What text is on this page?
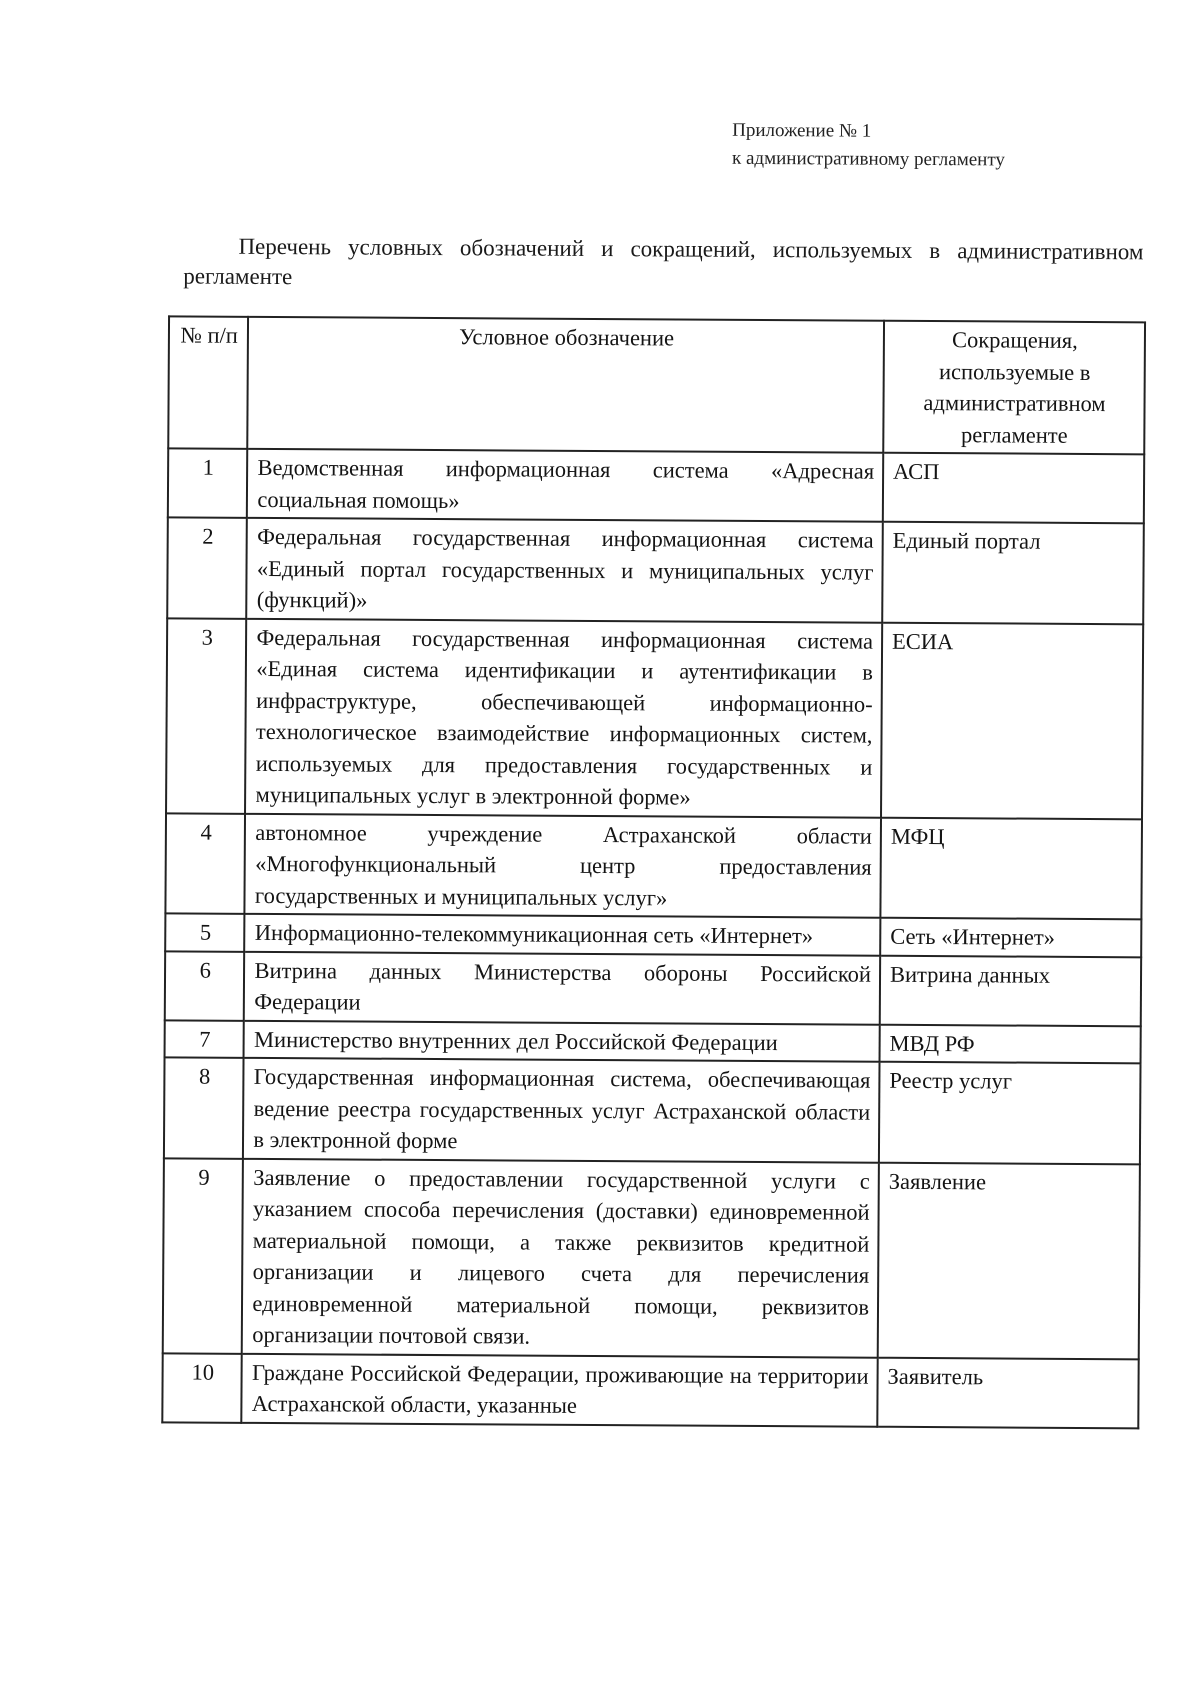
Приложение № 1
к административному регламенту
Перечень условных обозначений и сокращений, используемых в административном регламенте
№ п/п	Условное обозначение	Сокращения, используемые в административном регламенте
1	Ведомственная информационная система «Адресная социальная помощь»	АСП
2	Федеральная государственная информационная система «Единый портал государственных и муниципальных услуг (функций)»	Единый портал
3	Федеральная государственная информационная система «Единая система идентификации и аутентификации в инфраструктуре, обеспечивающей информационно-технологическое взаимодействие информационных систем, используемых для предоставления государственных и муниципальных услуг в электронной форме»	ЕСИА
4	автономное учреждение Астраханской области «Многофункциональный центр предоставления государственных и муниципальных услуг»	МФЦ
5	Информационно-телекоммуникационная сеть «Интернет»	Сеть «Интернет»
6	Витрина данных Министерства обороны Российской Федерации	Витрина данных
7	Министерство внутренних дел Российской Федерации	МВД РФ
8	Государственная информационная система, обеспечивающая ведение реестра государственных услуг Астраханской области в электронной форме	Реестр услуг
9	Заявление о предоставлении государственной услуги с указанием способа перечисления (доставки) единовременной материальной помощи, а также реквизитов кредитной организации и лицевого счета для перечисления единовременной материальной помощи, реквизитов организации почтовой связи.	Заявление
10	Граждане Российской Федерации, проживающие на территории Астраханской области, указанные	Заявитель
